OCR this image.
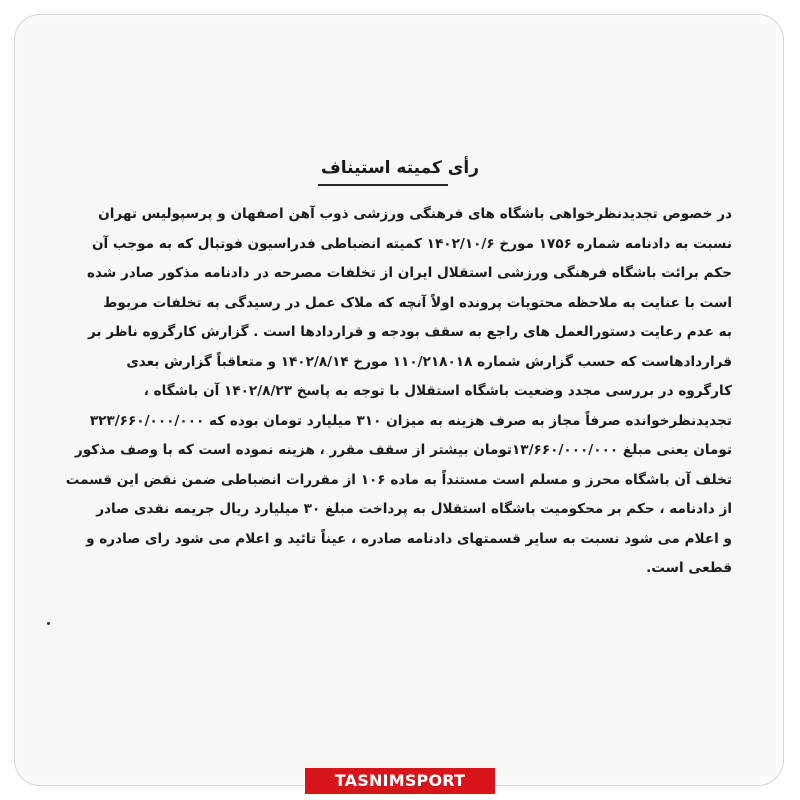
رأی کمیته استیناف
در خصوص تجدیدنظرخواهی باشگاه های فرهنگی ورزشی ذوب آهن اصفهان و پرسپولیس تهران
نسبت به دادنامه شماره ۱۷۵۶ مورخ ۱۴۰۲/۱۰/۶ کمیته انضباطی فدراسیون فوتبال که به موجب آن
حکم برائت باشگاه فرهنگی ورزشی استقلال ایران از تخلفات مصرحه در دادنامه مذکور صادر شده
است با عنایت به ملاحظه محتویات پرونده اولاً آنچه که ملاک عمل در رسیدگی به تخلفات مربوط
به عدم رعایت دستورالعمل های راجع به سقف بودجه و قراردادها است . گزارش کارگروه ناظر بر
قراردادهاست که حسب گزارش شماره ۱۱۰/۲۱۸۰۱۸ مورخ ۱۴۰۲/۸/۱۴ و متعاقباً گزارش بعدی
کارگروه در بررسی مجدد وضعیت باشگاه استقلال با توجه به پاسخ ۱۴۰۲/۸/۲۳ آن باشگاه ،
تجدیدنظرخوانده صرفاً مجاز به صرف هزینه به میزان ۳۱۰ میلیارد تومان بوده که ۳۲۳/۶۶۰/۰۰۰/۰۰۰
تومان یعنی مبلغ ۱۳/۶۶۰/۰۰۰/۰۰۰تومان بیشتر از سقف مقرر ، هزینه نموده است که با وصف مذکور
تخلف آن باشگاه محرز و مسلم است مستنداً به ماده ۱۰۶ از مقررات انضباطی ضمن نقض این قسمت
از دادنامه ، حکم بر محکومیت باشگاه استقلال به پرداخت مبلغ ۳۰ میلیارد ریال جریمه نقدی صادر
و اعلام می شود نسبت به سایر قسمتهای دادنامه صادره ، عیناً تائید و اعلام می شود رای صادره و
قطعی است.
TASNIMSPORT
